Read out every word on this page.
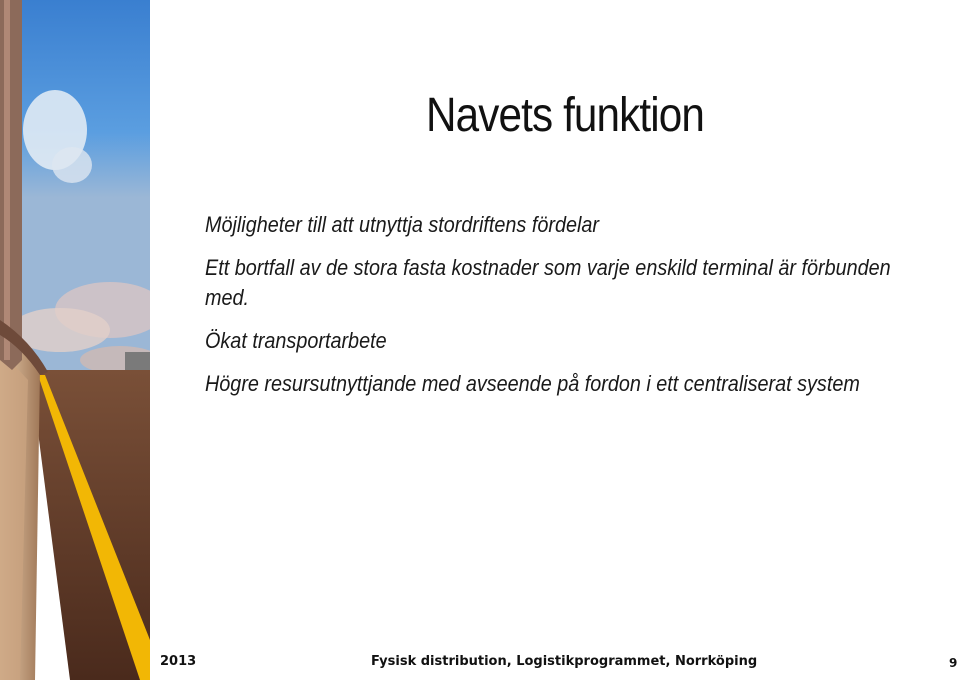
Navets funktion
Möjligheter till att utnyttja stordriftens fördelar
Ett bortfall av de stora fasta kostnader som varje enskild terminal är förbunden med.
Ökat transportarbete
Högre resursutnyttjande med avseende på fordon i ett centraliserat system

2013	Fysisk distribution, Logistikprogrammet, Norrköping	9
